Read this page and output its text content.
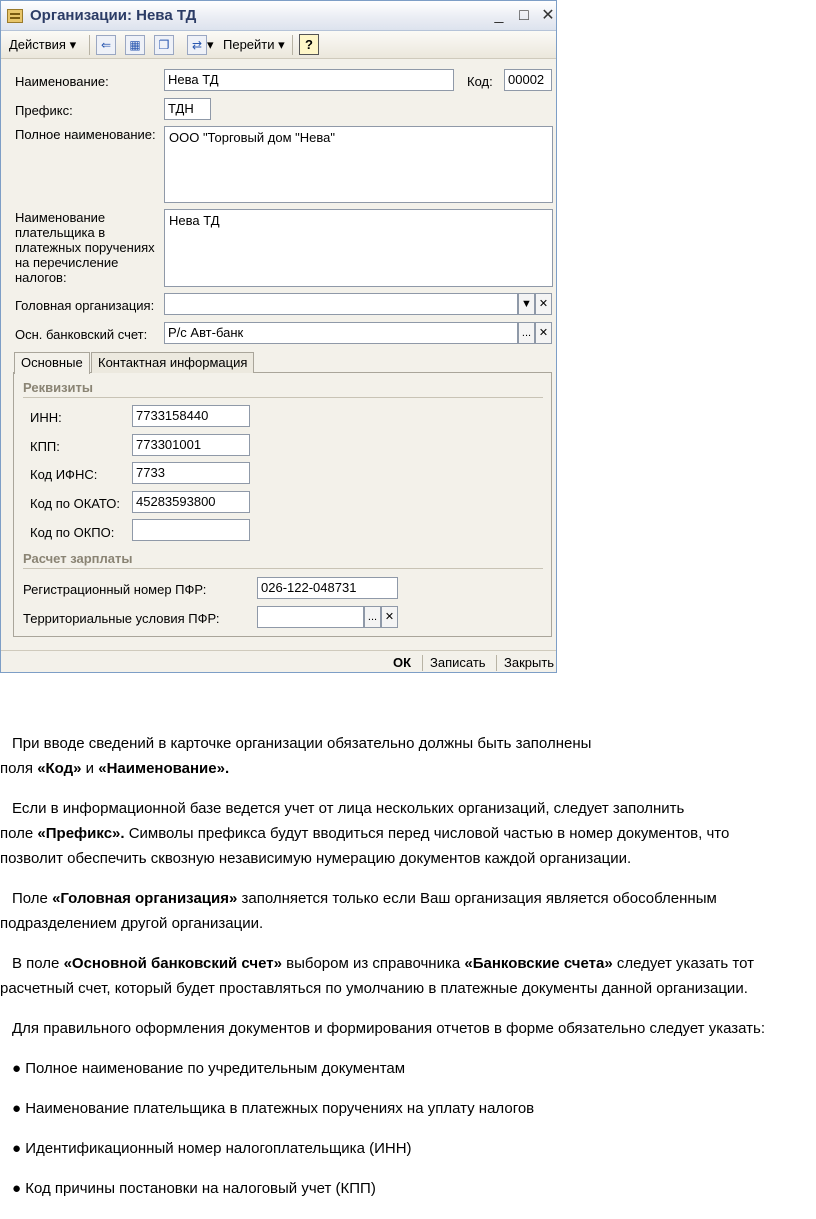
Организации: Нева ТД	_ □ ✕
Действия ▾	⇐	▦	❐	⇄ ▾ Перейти ▾	?
Наименование:	Нева ТД	Код:	00002
Префикс:	ТДН
Полное наименование:	ООО "Торговый дом "Нева"
Наименование
плательщика в
платежных поручениях
на перечисление
налогов:
Нева ТД
Головная организация:	▼ ✕
Осн. банковский счет:	Р/с Авт-банк	... ✕
Основные	Контактная информация
Реквизиты
ИНН:	7733158440
КПП:	773301001
Код ИФНС:	7733
Код по ОКАТО:	45283593800
Код по ОКПО:
Расчет зарплаты
Регистрационный номер ПФР:	026-122-048731
Территориальные условия ПФР:	... ✕
ОК Записать Закрыть
При вводе сведений в карточке организации обязательно должны быть заполнены
поля «Код» и «Наименование».
Если в информационной базе ведется учет от лица нескольких организаций, следует заполнить
поле «Префикс». Символы префикса будут вводиться перед числовой частью в номер документов, что
позволит обеспечить сквозную независимую нумерацию документов каждой организации.
Поле «Головная организация» заполняется только если Ваш организация является обособленным
подразделением другой организации.
В поле «Основной банковский счет» выбором из справочника «Банковские счета» следует указать тот
расчетный счет, который будет проставляться по умолчанию в платежные документы данной организации.
Для правильного оформления документов и формирования отчетов в форме обязательно следует указать:
● Полное наименование по учредительным документам
● Наименование плательщика в платежных поручениях на уплату налогов
● Идентификационный номер налогоплательщика (ИНН)
● Код причины постановки на налоговый учет (КПП)
